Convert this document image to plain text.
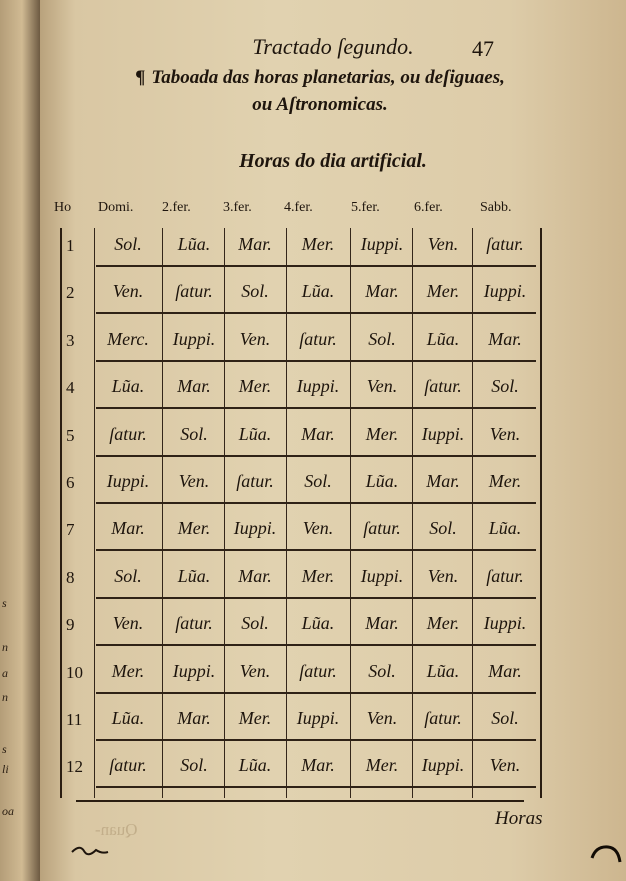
s
n
a
n
s
li
oa
Tractado ſegundo.	47
¶ Taboada das horas planetarias, ou deſiguaes,
ou Aſtronomicas.
Horas do dia artificial.
Ho Domi. 2.fer. 3.fer. 4.fer.	5.fer. 6.fer.	Sabb.
1	Sol.	Lũa.	Mar.	Mer.	Iuppi.	Ven.	ſatur.
2	Ven.	ſatur.	Sol.	Lũa.	Mar.	Mer.	Iuppi.
3	Merc.	Iuppi.	Ven.	ſatur.	Sol.	Lũa.	Mar.
4	Lũa.	Mar.	Mer.	Iuppi.	Ven.	ſatur.	Sol.
5	ſatur.	Sol.	Lũa.	Mar.	Mer.	Iuppi.	Ven.
6	Iuppi.	Ven.	ſatur.	Sol.	Lũa.	Mar.	Mer.
7	Mar.	Mer.	Iuppi.	Ven.	ſatur.	Sol.	Lũa.
8	Sol.	Lũa.	Mar.	Mer.	Iuppi.	Ven.	ſatur.
9	Ven.	ſatur.	Sol.	Lũa.	Mar.	Mer.	Iuppi.
10	Mer.	Iuppi.	Ven.	ſatur.	Sol.	Lũa.	Mar.
11	Lũa.	Mar.	Mer.	Iuppi.	Ven.	ſatur.	Sol.
12	ſatur.	Sol.	Lũa.	Mar.	Mer.	Iuppi.	Ven.
Quan-
Horas
